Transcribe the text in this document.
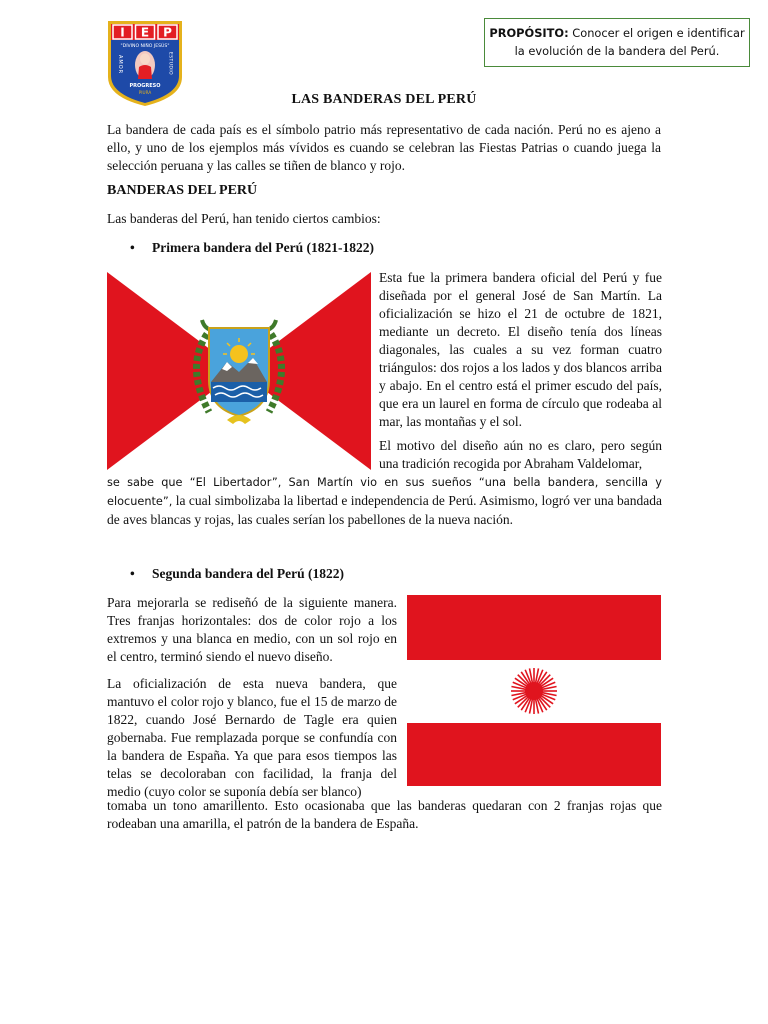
I E P
"DIVINO NIÑO JESÚS"
AMOR	ESTUDIO
PROGRESO
PIURA
PROPÓSITO: Conocer el origen e identificar la evolución de la bandera del Perú.
LAS BANDERAS DEL PERÚ
La bandera de cada país es el símbolo patrio más representativo de cada nación. Perú no es ajeno a ello, y uno de los ejemplos más vívidos es cuando se celebran las Fiestas Patrias o cuando juega la selección peruana y las calles se tiñen de blanco y rojo.
BANDERAS DEL PERÚ
Las banderas del Perú, han tenido ciertos cambios:
• Primera bandera del Perú (1821-1822)
Esta fue la primera bandera oficial del Perú y fue diseñada por el general José de San Martín. La oficialización se hizo el 21 de octubre de 1821, mediante un decreto. El diseño tenía dos líneas diagonales, las cuales a su vez forman cuatro triángulos: dos rojos a los lados y dos blancos arriba y abajo. En el centro está el primer escudo del país, que era un laurel en forma de círculo que rodeaba al mar, las montañas y el sol.
El motivo del diseño aún no es claro, pero según una tradición recogida por Abraham Valdelomar,
se sabe que “El Libertador”, San Martín vio en sus sueños “una bella bandera, sencilla y elocuente”, la cual simbolizaba la libertad e independencia de Perú. Asimismo, logró ver una bandada de aves blancas y rojas, las cuales serían los pabellones de la nueva nación.
• Segunda bandera del Perú (1822)
Para mejorarla se rediseñó de la siguiente manera. Tres franjas horizontales: dos de color rojo a los extremos y una blanca en medio, con un sol rojo en el centro, terminó siendo el nuevo diseño.
La oficialización de esta nueva bandera, que mantuvo el color rojo y blanco, fue el 15 de marzo de 1822, cuando José Bernardo de Tagle era quien gobernaba. Fue remplazada porque se confundía con la bandera de España. Ya que para esos tiempos las telas se decoloraban con facilidad, la franja del medio (cuyo color se suponía debía ser blanco)
tomaba un tono amarillento. Esto ocasionaba que las banderas quedaran con 2 franjas rojas que rodeaban una amarilla, el patrón de la bandera de España.
